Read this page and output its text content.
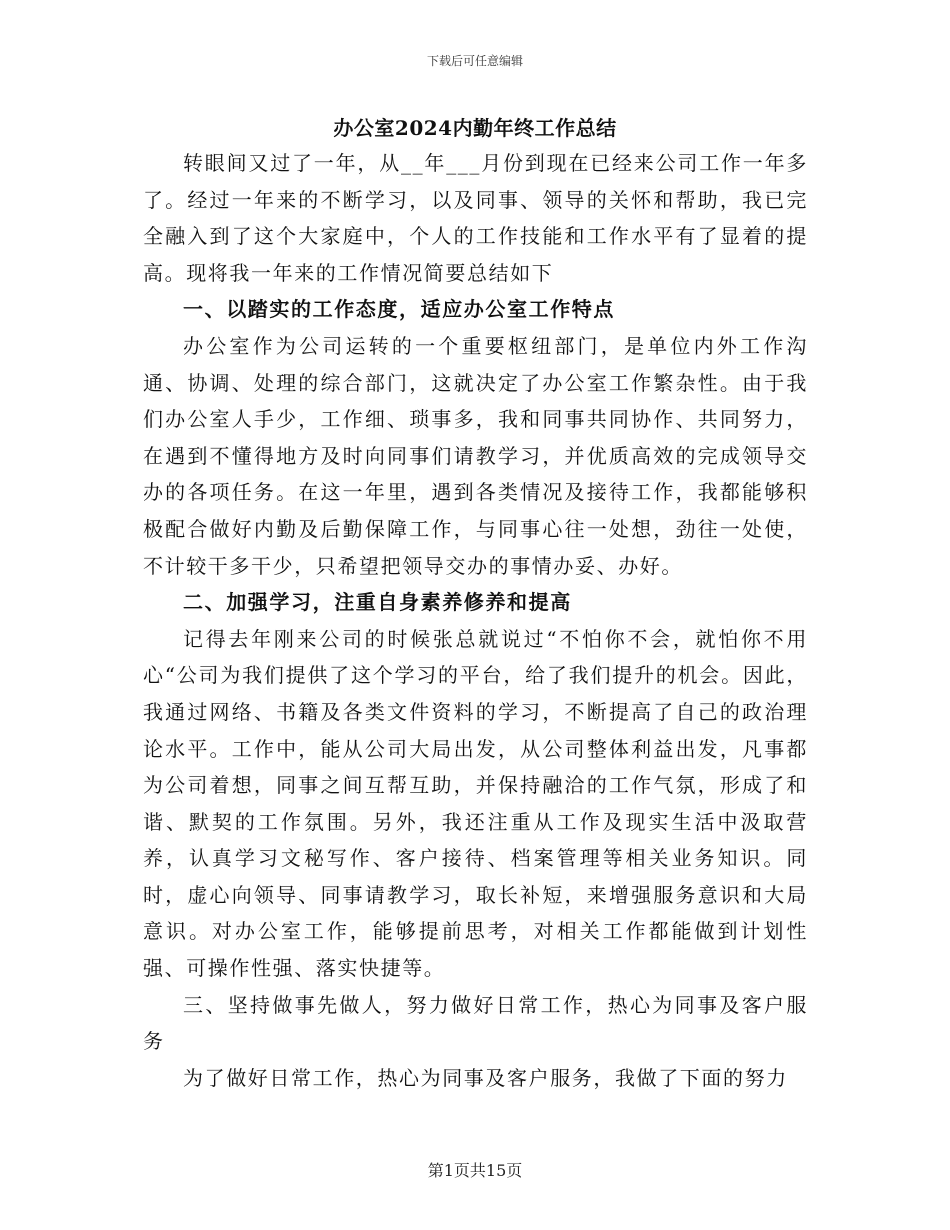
下载后可任意编辑
办公室2024内勤年终工作总结

转眼间又过了一年，从__年___月份到现在已经来公司工作一年多了。经过一年来的不断学习，以及同事、领导的关怀和帮助，我已完全融入到了这个大家庭中，个人的工作技能和工作水平有了显着的提高。现将我一年来的工作情况简要总结如下

一、以踏实的工作态度，适应办公室工作特点

办公室作为公司运转的一个重要枢纽部门，是单位内外工作沟通、协调、处理的综合部门，这就决定了办公室工作繁杂性。由于我们办公室人手少，工作细、琐事多，我和同事共同协作、共同努力，在遇到不懂得地方及时向同事们请教学习，并优质高效的完成领导交办的各项任务。在这一年里，遇到各类情况及接待工作，我都能够积极配合做好内勤及后勤保障工作，与同事心往一处想，劲往一处使，不计较干多干少，只希望把领导交办的事情办妥、办好。

二、加强学习，注重自身素养修养和提高

记得去年刚来公司的时候张总就说过“不怕你不会，就怕你不用心“公司为我们提供了这个学习的平台，给了我们提升的机会。因此，我通过网络、书籍及各类文件资料的学习，不断提高了自己的政治理论水平。工作中，能从公司大局出发，从公司整体利益出发，凡事都为公司着想，同事之间互帮互助，并保持融洽的工作气氛，形成了和谐、默契的工作氛围。另外，我还注重从工作及现实生活中汲取营养，认真学习文秘写作、客户接待、档案管理等相关业务知识。同时，虚心向领导、同事请教学习，取长补短，来增强服务意识和大局意识。对办公室工作，能够提前思考，对相关工作都能做到计划性强、可操作性强、落实快捷等。

三、坚持做事先做人，努力做好日常工作，热心为同事及客户服务

为了做好日常工作，热心为同事及客户服务，我做了下面的努力

第1页共15页
